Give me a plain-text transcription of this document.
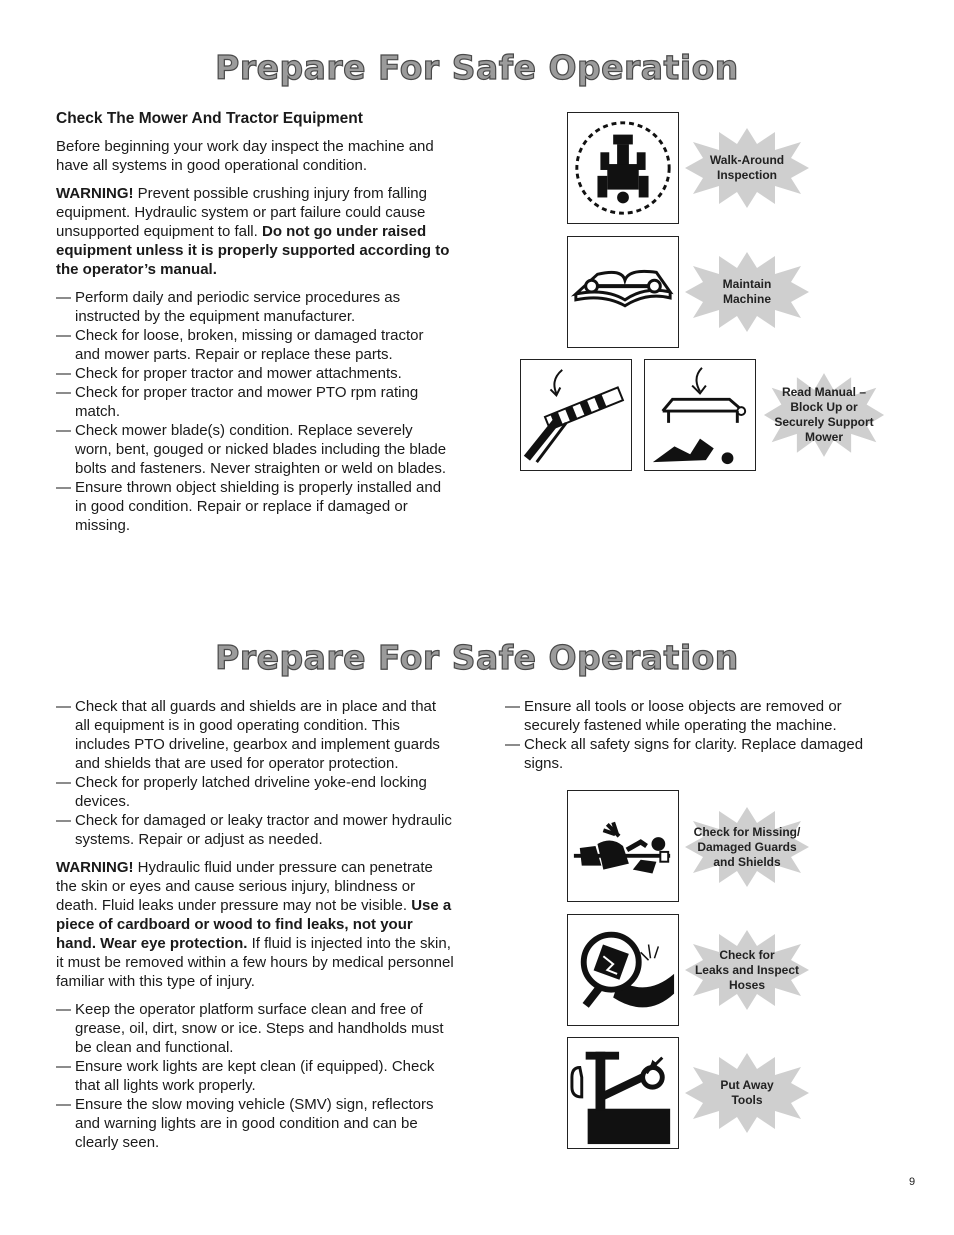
Prepare For Safe Operation
Check The Mower And Tractor Equipment

Before beginning your work day inspect the machine and have all systems in good operational condition.

WARNING! Prevent possible crushing injury from falling equipment. Hydraulic system or part failure could cause unsupported equipment to fall. Do not go under raised equipment unless it is properly supported according to the operator’s manual.

— Perform daily and periodic service procedures as instructed by the equipment manufacturer.
— Check for loose, broken, missing or damaged tractor and mower parts. Repair or replace these parts.
— Check for proper tractor and mower attachments.
— Check for proper tractor and mower PTO rpm rating match.
— Check mower blade(s) condition. Replace severely worn, bent, gouged or nicked blades including the blade bolts and fasteners. Never straighten or weld on blades.
— Ensure thrown object shielding is properly installed and in good condition. Repair or replace if damaged or missing.
Walk-Around
Inspection
Maintain
Machine
Read Manual –
Block Up or
Securely Support
Mower
Prepare For Safe Operation
— Check that all guards and shields are in place and that all equipment is in good operating condition. This includes PTO driveline, gearbox and implement guards and shields that are used for operator protection.
— Check for properly latched driveline yoke-end locking devices.
— Check for damaged or leaky tractor and mower hydraulic systems. Repair or adjust as needed.

WARNING! Hydraulic fluid under pressure can penetrate the skin or eyes and cause serious injury, blindness or death. Fluid leaks under pressure may not be visible. Use a piece of cardboard or wood to find leaks, not your hand. Wear eye protection. If fluid is injected into the skin, it must be removed within a few hours by medical personnel familiar with this type of injury.

— Keep the operator platform surface clean and free of grease, oil, dirt, snow or ice. Steps and handholds must be clean and functional.
— Ensure work lights are kept clean (if equipped). Check that all lights work properly.
— Ensure the slow moving vehicle (SMV) sign, reflectors and warning lights are in good condition and can be clearly seen.
— Ensure all tools or loose objects are removed or securely fastened while operating the machine.
— Check all safety signs for clarity. Replace damaged signs.
Check for Missing/
Damaged Guards
and Shields
Check for
Leaks and Inspect
Hoses
Put Away
Tools
9
